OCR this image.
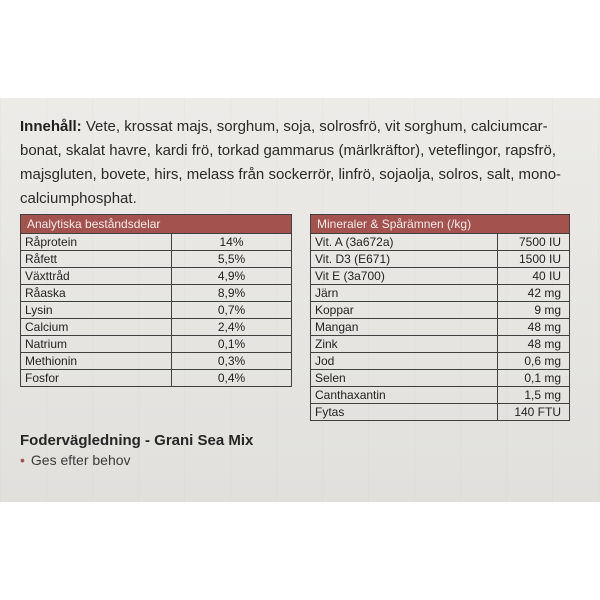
Innehåll: Vete, krossat majs, sorghum, soja, solrosfrö, vit sorghum, calciumcar- bonat, skalat havre, kardi frö, torkad gammarus (märlkräftor), veteflingor, rapsfrö, majsgluten, bovete, hirs, melass från sockerrör, linfrö, sojaolja, solros, salt, mono- calciumphosphat.
Analytiska beståndsdelar	
Råprotein	14%
Råfett	5,5%
Växttråd	4,9%
Råaska	8,9%
Lysin	0,7%
Calcium	2,4%
Natrium	0,1%
Methionin	0,3%
Fosfor	0,4%
Mineraler & Spårämnen (/kg)	
Vit. A (3a672a)	7500 IU
Vit. D3 (E671)	1500 IU
Vit E (3a700)	40 IU
Järn	42 mg
Koppar	9 mg
Mangan	48 mg
Zink	48 mg
Jod	0,6 mg
Selen	0,1 mg
Canthaxantin	1,5 mg
Fytas	140 FTU
Fodervägledning - Grani Sea Mix
• Ges efter behov
